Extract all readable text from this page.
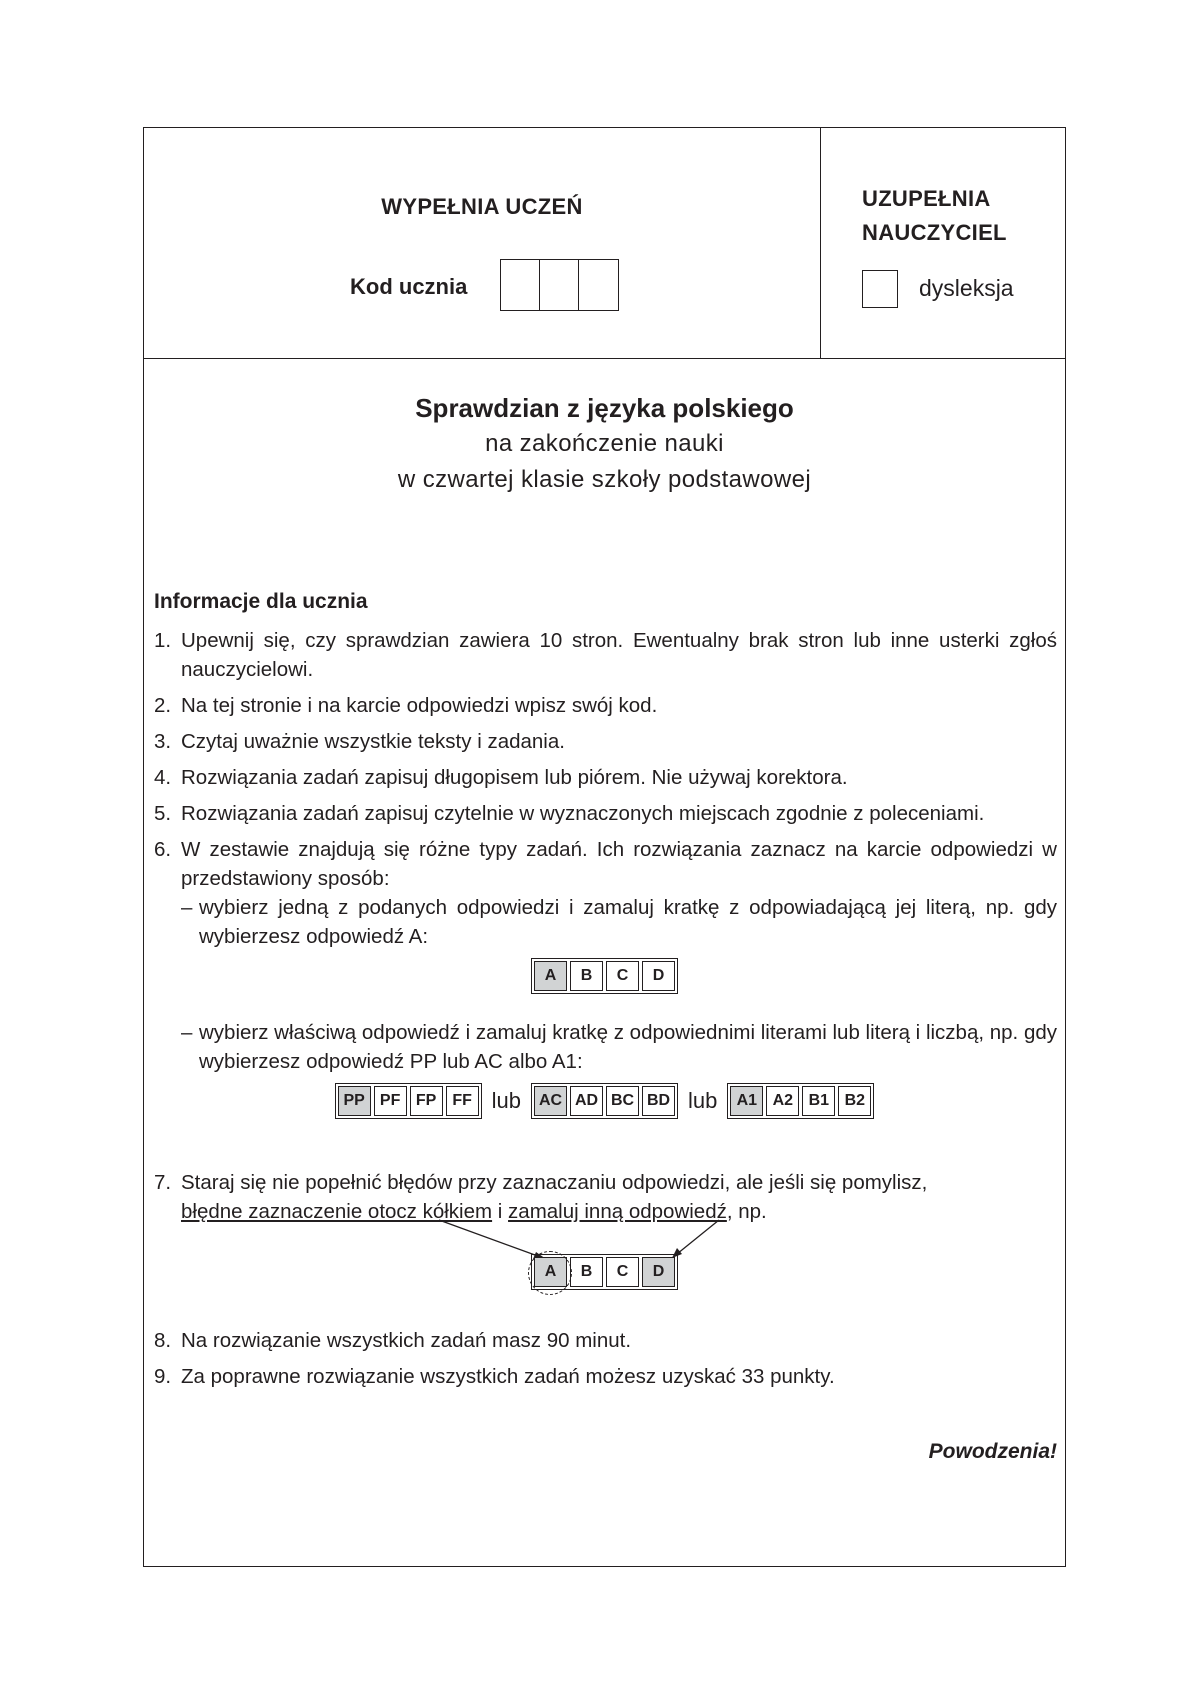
WYPEŁNIA UCZEŃ
Kod ucznia
UZUPEŁNIA
NAUCZYCIEL
dysleksja
Sprawdzian z języka polskiego
na zakończenie nauki
w czwartej klasie szkoły podstawowej
Informacje dla ucznia
1. Upewnij się, czy sprawdzian zawiera 10 stron. Ewentualny brak stron lub inne usterki zgłoś nauczycielowi.
2. Na tej stronie i na karcie odpowiedzi wpisz swój kod.
3. Czytaj uważnie wszystkie teksty i zadania.
4. Rozwiązania zadań zapisuj długopisem lub piórem. Nie używaj korektora.
5. Rozwiązania zadań zapisuj czytelnie w wyznaczonych miejscach zgodnie z poleceniami.
6. W zestawie znajdują się różne typy zadań. Ich rozwiązania zaznacz na karcie odpowiedzi w przedstawiony sposób:
– wybierz jedną z podanych odpowiedzi i zamaluj kratkę z odpowiadającą jej literą, np. gdy wybierzesz odpowiedź A:
A	B	C	D
– wybierz właściwą odpowiedź i zamaluj kratkę z odpowiednimi literami lub literą i liczbą, np. gdy wybierzesz odpowiedź PP lub AC albo A1:
PP PF FP	FF lub	AC AD BC BD lub	A1 A2 B1 B2
7. Staraj się nie popełnić błędów przy zaznaczaniu odpowiedzi, ale jeśli się pomylisz,
błędne zaznaczenie otocz kółkiem i zamaluj inną odpowiedź, np.
A	B	C	D
8. Na rozwiązanie wszystkich zadań masz 90 minut.
9. Za poprawne rozwiązanie wszystkich zadań możesz uzyskać 33 punkty.
Powodzenia!
